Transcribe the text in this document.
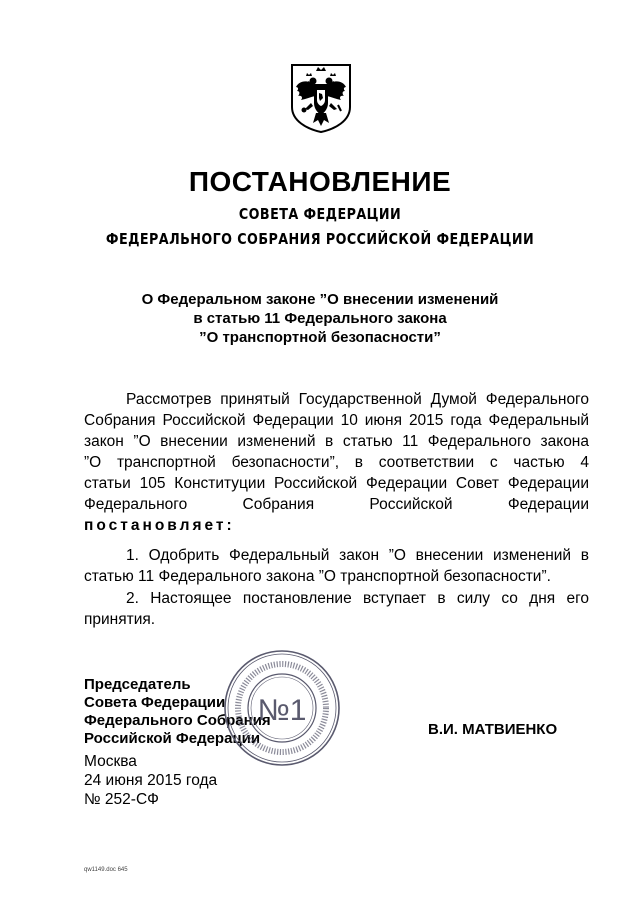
ПОСТАНОВЛЕНИЕ
СОВЕТА ФЕДЕРАЦИИ
ФЕДЕРАЛЬНОГО СОБРАНИЯ РОССИЙСКОЙ ФЕДЕРАЦИИ
О Федеральном законе ”О внесении изменений
в статью 11 Федерального закона
”О транспортной безопасности”
Рассмотрев принятый Государственной Думой Федерального
Собрания Российской Федерации 10 июня 2015 года Федеральный
закон ”О внесении изменений в статью 11 Федерального закона
”О транспортной безопасности”, в соответствии с частью 4
статьи 105 Конституции Российской Федерации Совет Федерации
Федерального Собрания Российской Федерации
постановляет:
1. Одобрить Федеральный закон ”О внесении изменений в
статью 11 Федерального закона ”О транспортной безопасности”.
2. Настоящее постановление вступает в силу со дня его
принятия.
Председатель
Совета Федерации
Федерального Собрания
Российской Федерации
№1
В.И. МАТВИЕНКО
Москва
24 июня 2015 года
№ 252-СФ
qw1149.doc 645
